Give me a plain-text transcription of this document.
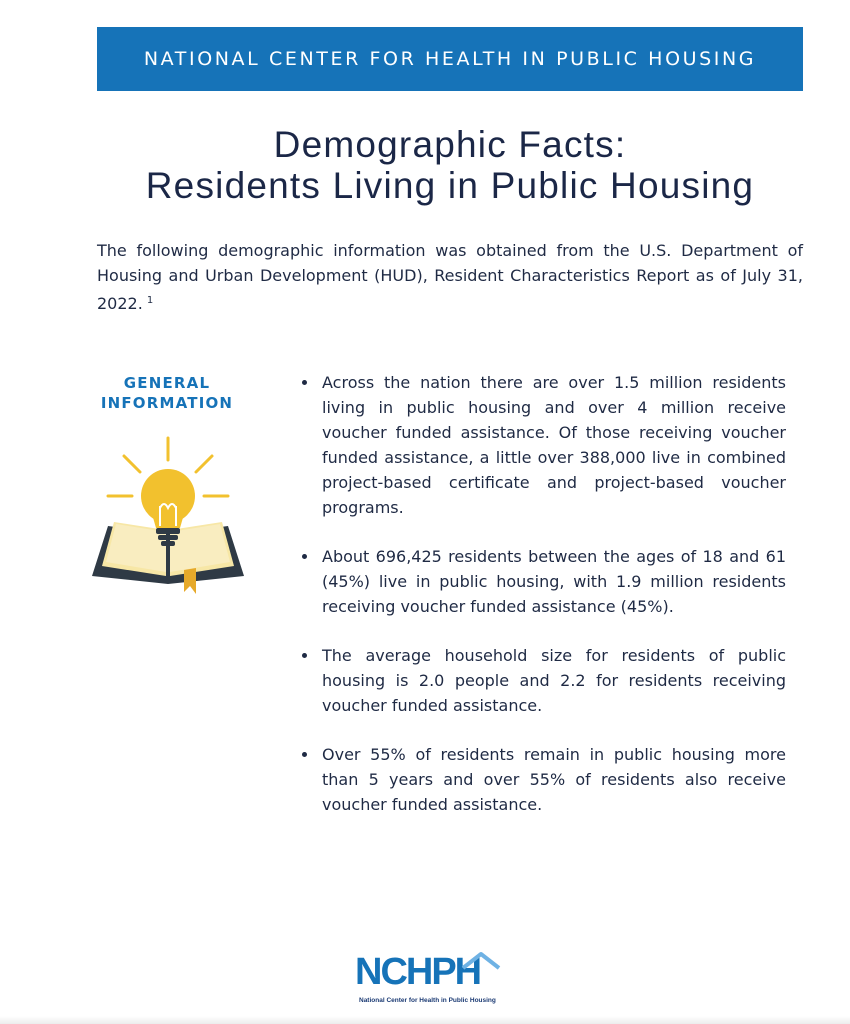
NATIONAL CENTER FOR HEALTH IN PUBLIC HOUSING
Demographic Facts:
Residents Living in Public Housing

The following demographic information was obtained from the U.S. Department of Housing and Urban Development (HUD), Resident Characteristics Report as of July 31, 2022. $^1$

GENERAL
INFORMATION
Across the nation there are over 1.5 million residents living in public housing and over 4 million receive voucher funded assistance. Of those receiving voucher funded assistance, a little over 388,000 live in combined project-based certificate and project-based voucher programs.
About 696,425 residents between the ages of 18 and 61 (45%) live in public housing, with 1.9 million residents receiving voucher funded assistance (45%).
The average household size for residents of public housing is 2.0 people and 2.2 for residents receiving voucher funded assistance.
Over 55% of residents remain in public housing more than 5 years and over 55% of residents also receive voucher funded assistance.
NCHPH
National Center for Health in Public Housing
